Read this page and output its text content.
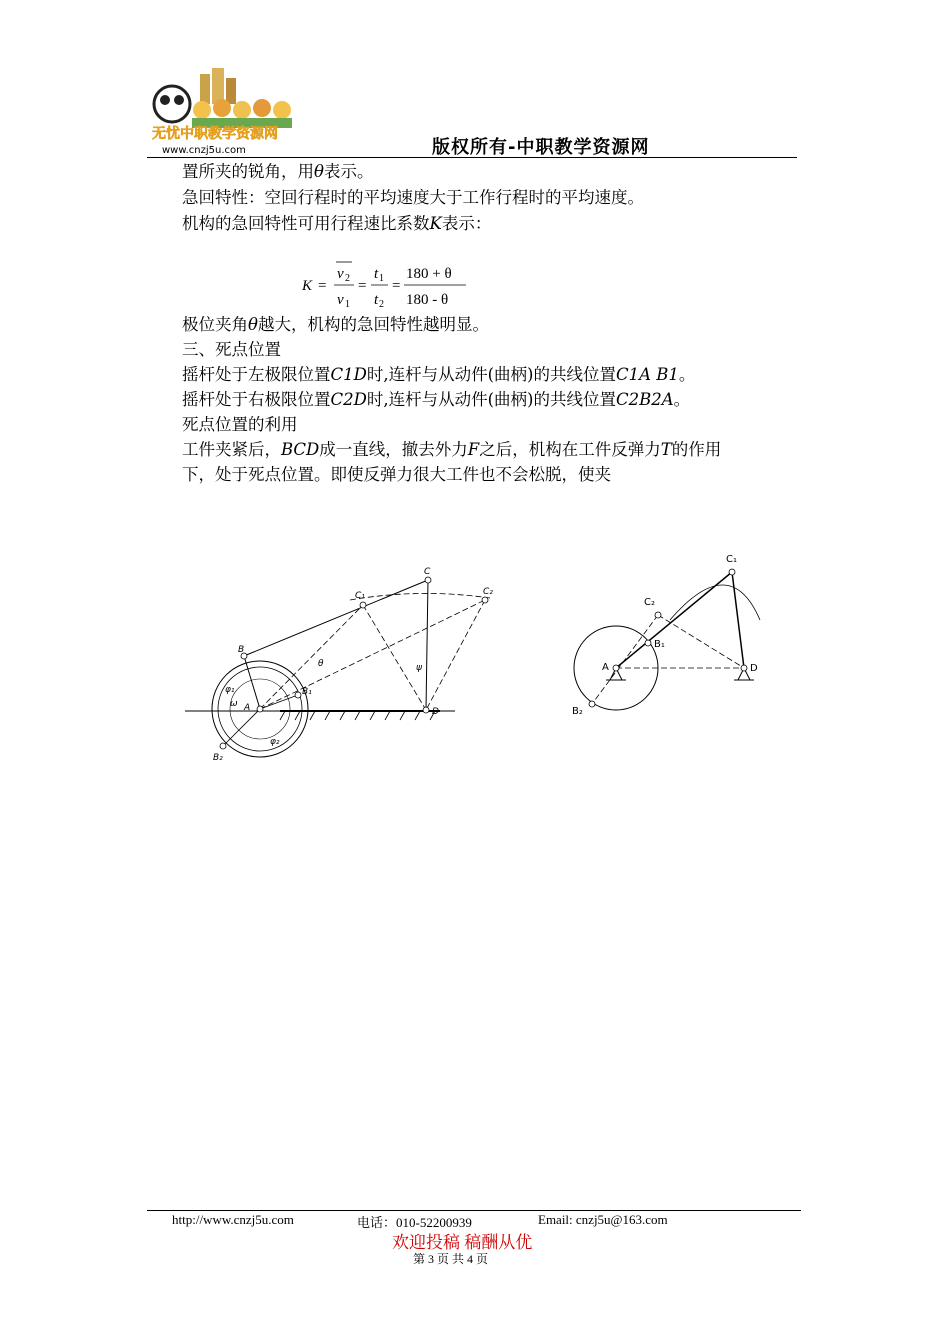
无忧中职教学资源网
www.cnzj5u.com	版权所有-中职教学资源网
置所夹的锐角，用θ表示。
急回特性：空回行程时的平均速度大于工作行程时的平均速度。
机构的急回特性可用行程速比系数K表示：
K =
v 2
v 1
=
t 1
t 2
=
180 + θ
180 - θ
极位夹角θ越大，机构的急回特性越明显。
三、死点位置
摇杆处于左极限位置C1D时,连杆与从动件(曲柄)的共线位置C1A B1。
摇杆处于右极限位置C2D时,连杆与从动件(曲柄)的共线位置C2B2A。
死点位置的利用
工件夹紧后，BCD成一直线，撤去外力F之后，机构在工件反弹力T的作用
下，处于死点位置。即使反弹力很大工件也不会松脱，使夹
B
C
C₁	C₂
A	D
B₁
B₂
θ	ψ
ω
φ₁
φ₂
C₁
C₂
B₁
A	D
B₂
http://www.cnzj5u.com	电话：010-52200939	Email: cnzj5u@163.com
欢迎投稿 稿酬从优
第 3 页 共 4 页
